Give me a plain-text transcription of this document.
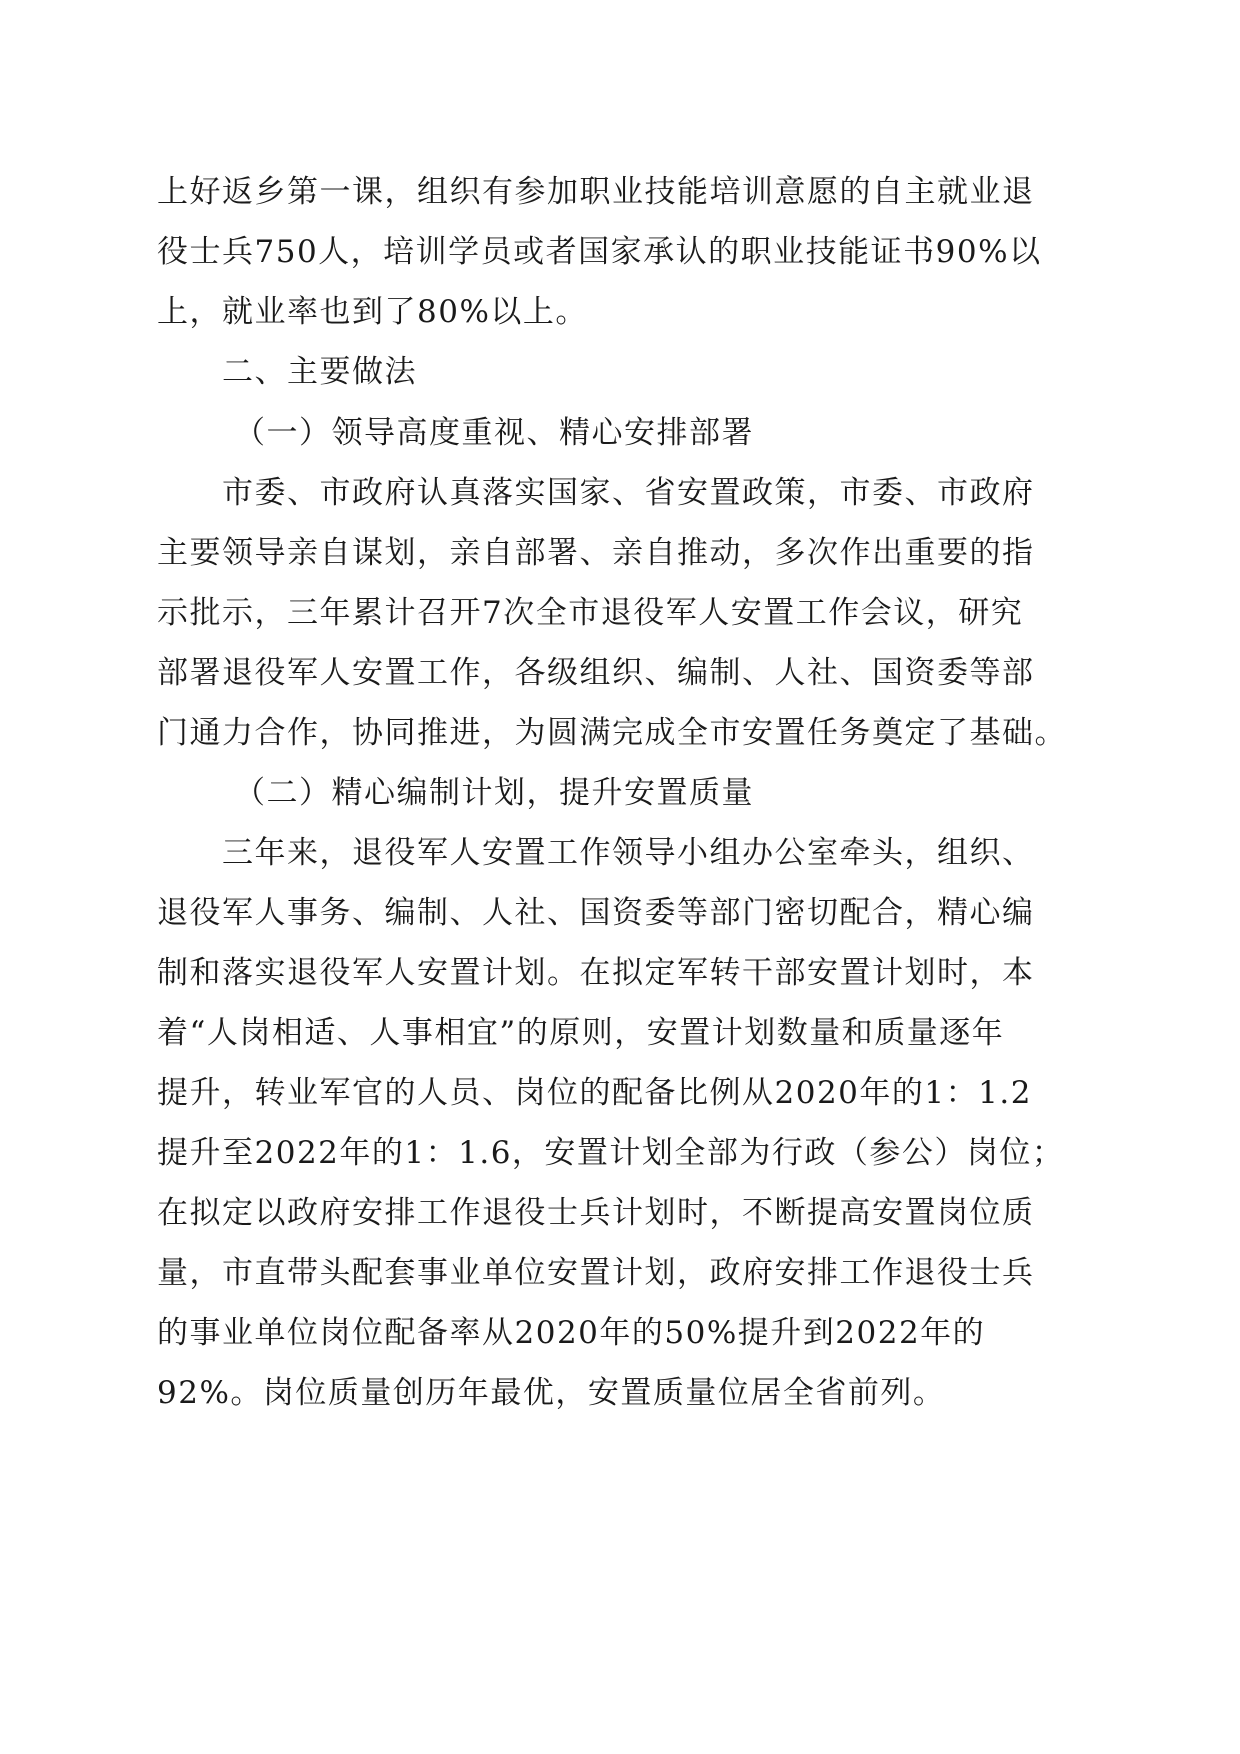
上好返乡第一课，组织有参加职业技能培训意愿的自主就业退
役士兵750人，培训学员或者国家承认的职业技能证书90%以
上，就业率也到了80%以上。
二、主要做法
（一）领导高度重视、精心安排部署
市委、市政府认真落实国家、省安置政策，市委、市政府
主要领导亲自谋划，亲自部署、亲自推动，多次作出重要的指
示批示，三年累计召开7次全市退役军人安置工作会议，研究
部署退役军人安置工作，各级组织、编制、人社、国资委等部
门通力合作，协同推进，为圆满完成全市安置任务奠定了基础。
（二）精心编制计划，提升安置质量
三年来，退役军人安置工作领导小组办公室牵头，组织、
退役军人事务、编制、人社、国资委等部门密切配合，精心编
制和落实退役军人安置计划。在拟定军转干部安置计划时，本
着“人岗相适、人事相宜”的原则，安置计划数量和质量逐年
提升，转业军官的人员、岗位的配备比例从2020年的1：1.2
提升至2022年的1：1.6，安置计划全部为行政（参公）岗位；
在拟定以政府安排工作退役士兵计划时，不断提高安置岗位质
量，市直带头配套事业单位安置计划，政府安排工作退役士兵
的事业单位岗位配备率从2020年的50%提升到2022年的
92%。岗位质量创历年最优，安置质量位居全省前列。
